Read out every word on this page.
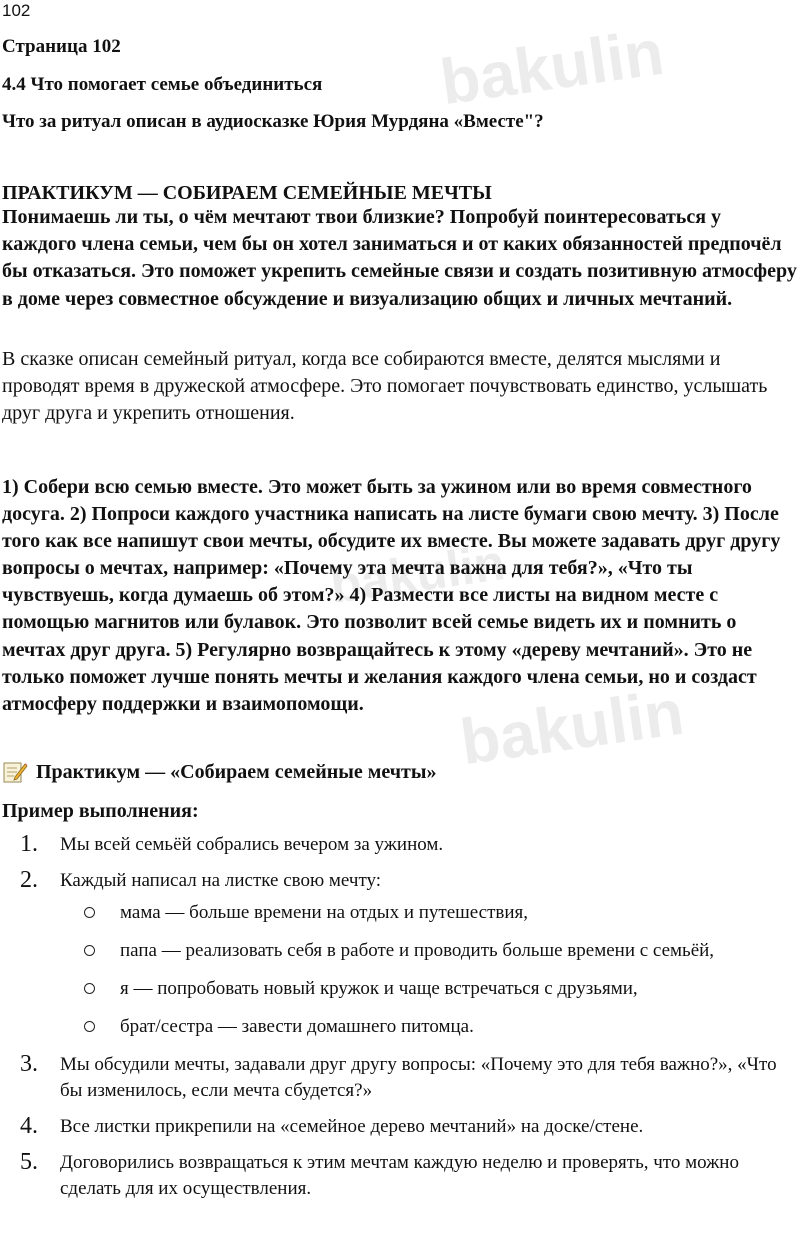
bakulin
bakulin
bakulin
102

Страница 102

4.4 Что помогает семье объединиться

Что за ритуал описан в аудиосказке Юрия Мурдяна «Вместе"?

ПРАКТИКУМ — СОБИРАЕМ СЕМЕЙНЫЕ МЕЧТЫ

Понимаешь ли ты, о чём мечтают твои близкие? Попробуй поинтересоваться у каждого члена семьи, чем бы он хотел заниматься и от каких обязанностей предпочёл бы отказаться. Это поможет укрепить семейные связи и создать позитивную атмосферу в доме через совместное обсуждение и визуализацию общих и личных мечтаний.

В сказке описан семейный ритуал, когда все собираются вместе, делятся мыслями и проводят время в дружеской атмосфере. Это помогает почувствовать единство, услышать друг друга и укрепить отношения.

1) Собери всю семью вместе. Это может быть за ужином или во время совместного досуга. 2) Попроси каждого участника написать на листе бумаги свою мечту. 3) После того как все напишут свои мечты, обсудите их вместе. Вы можете задавать друг другу вопросы о мечтах, например: «Почему эта мечта важна для тебя?», «Что ты чувствуешь, когда думаешь об этом?» 4) Размести все листы на видном месте с помощью магнитов или булавок. Это позволит всей семье видеть их и помнить о мечтах друг друга. 5) Регулярно возвращайтесь к этому «дереву мечтаний». Это не только поможет лучше понять мечты и желания каждого члена семьи, но и создаст атмосферу поддержки и взаимопомощи.

Практикум — «Собираем семейные мечты»

Пример выполнения:

1. Мы всей семьёй собрались вечером за ужином.
2. Каждый написал на листке свою мечту:
мама — больше времени на отдых и путешествия,
папа — реализовать себя в работе и проводить больше времени с семьёй,
я — попробовать новый кружок и чаще встречаться с друзьями,
брат/сестра — завести домашнего питомца.
3. Мы обсудили мечты, задавали друг другу вопросы: «Почему это для тебя важно?», «Что бы изменилось, если мечта сбудется?»
4. Все листки прикрепили на «семейное дерево мечтаний» на доске/стене.
5. Договорились возвращаться к этим мечтам каждую неделю и проверять, что можно сделать для их осуществления.
